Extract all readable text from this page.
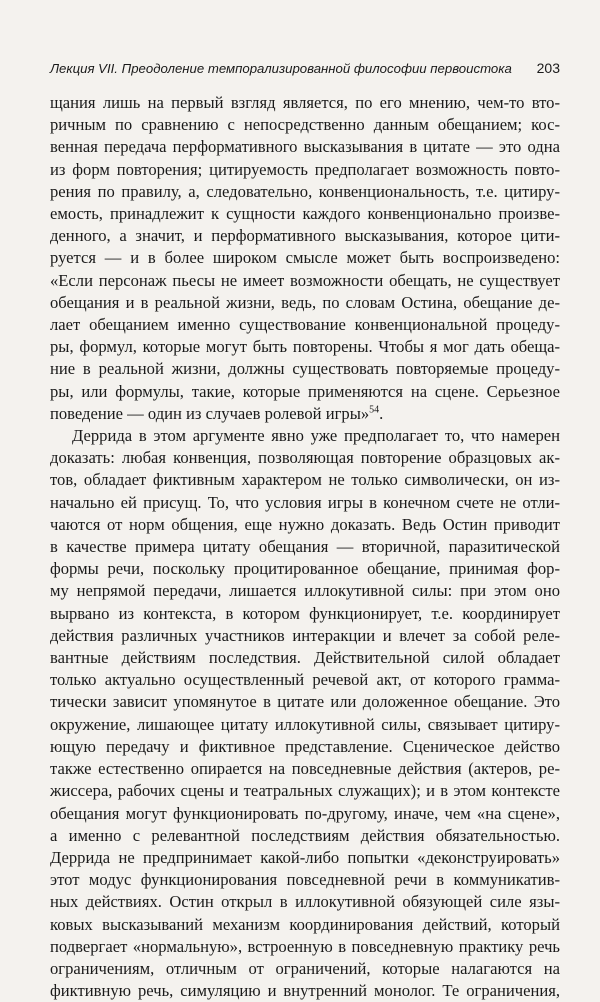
Лекция VII. Преодоление темпорализированной философии первоистока 203
щания лишь на первый взгляд является, по его мнению, чем-то вто-
ричным по сравнению с непосредственно данным обещанием; кос-
венная передача перформативного высказывания в цитате — это одна
из форм повторения; цитируемость предполагает возможность повто-
рения по правилу, а, следовательно, конвенциональность, т.е. цитиру-
емость, принадлежит к сущности каждого конвенционально произве-
денного, а значит, и перформативного высказывания, которое цити-
руется — и в более широком смысле может быть воспроизведено:
«Если персонаж пьесы не имеет возможности обещать, не существует
обещания и в реальной жизни, ведь, по словам Остина, обещание де-
лает обещанием именно существование конвенциональной процеду-
ры, формул, которые могут быть повторены. Чтобы я мог дать обеща-
ние в реальной жизни, должны существовать повторяемые процеду-
ры, или формулы, такие, которые применяются на сцене. Серьезное
поведение — один из случаев ролевой игры»$^{54}$.
Деррида в этом аргументе явно уже предполагает то, что намерен
доказать: любая конвенция, позволяющая повторение образцовых ак-
тов, обладает фиктивным характером не только символически, он из-
начально ей присущ. То, что условия игры в конечном счете не отли-
чаются от норм общения, еще нужно доказать. Ведь Остин приводит
в качестве примера цитату обещания — вторичной, паразитической
формы речи, поскольку процитированное обещание, принимая фор-
му непрямой передачи, лишается иллокутивной силы: при этом оно
вырвано из контекста, в котором функционирует, т.е. координирует
действия различных участников интеракции и влечет за собой реле-
вантные действиям последствия. Действительной силой обладает
только актуально осуществленный речевой акт, от которого грамма-
тически зависит упомянутое в цитате или доложенное обещание. Это
окружение, лишающее цитату иллокутивной силы, связывает цитиру-
ющую передачу и фиктивное представление. Сценическое действо
также естественно опирается на повседневные действия (актеров, ре-
жиссера, рабочих сцены и театральных служащих); и в этом контексте
обещания могут функционировать по-другому, иначе, чем «на сцене»,
а именно с релевантной последствиям действия обязательностью.
Деррида не предпринимает какой-либо попытки «деконструировать»
этот модус функционирования повседневной речи в коммуникатив-
ных действиях. Остин открыл в иллокутивной обязующей силе язы-
ковых высказываний механизм координирования действий, который
подвергает «нормальную», встроенную в повседневную практику речь
ограничениям, отличным от ограничений, которые налагаются на
фиктивную речь, симуляцию и внутренний монолог. Те ограничения,
